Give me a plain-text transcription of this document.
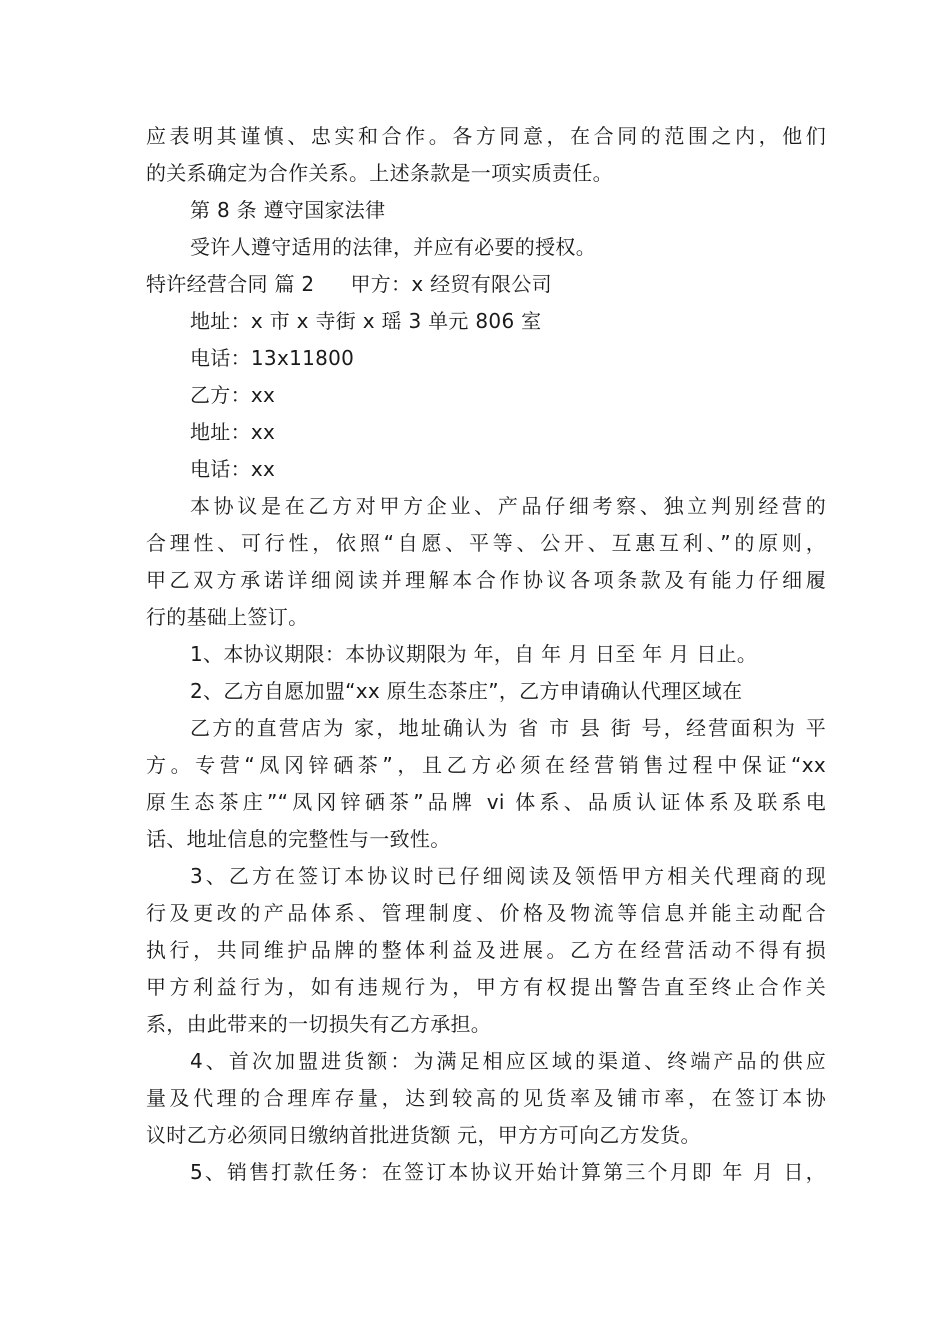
应表明其谨慎、忠实和合作。各方同意，在合同的范围之内，他们
的关系确定为合作关系。上述条款是一项实质责任。
第 8 条 遵守国家法律
受许人遵守适用的法律，并应有必要的授权。
特许经营合同 篇 2 甲方：x 经贸有限公司
地址：x 市 x 寺街 x 瑶 3 单元 806 室
电话：13x11800
乙方：xx
地址：xx
电话：xx
本协议是在乙方对甲方企业、产品仔细考察、独立判别经营的
合理性、可行性，依照“自愿、平等、公开、互惠互利、”的原则，
甲乙双方承诺详细阅读并理解本合作协议各项条款及有能力仔细履
行的基础上签订。
1、本协议期限：本协议期限为 年，自 年 月 日至 年 月 日止。
2、乙方自愿加盟“xx 原生态茶庄”，乙方申请确认代理区域在
乙方的直营店为 家，地址确认为 省 市 县 街 号，经营面积为 平
方。专营“凤冈锌硒茶”，且乙方必须在经营销售过程中保证“xx
原生态茶庄”“凤冈锌硒茶”品牌 vi 体系、品质认证体系及联系电
话、地址信息的完整性与一致性。
3、乙方在签订本协议时已仔细阅读及领悟甲方相关代理商的现
行及更改的产品体系、管理制度、价格及物流等信息并能主动配合
执行，共同维护品牌的整体利益及进展。乙方在经营活动不得有损
甲方利益行为，如有违规行为，甲方有权提出警告直至终止合作关
系，由此带来的一切损失有乙方承担。
4、首次加盟进货额：为满足相应区域的渠道、终端产品的供应
量及代理的合理库存量，达到较高的见货率及铺市率，在签订本协
议时乙方必须同日缴纳首批进货额 元，甲方方可向乙方发货。
5、销售打款任务：在签订本协议开始计算第三个月即 年 月 日，
